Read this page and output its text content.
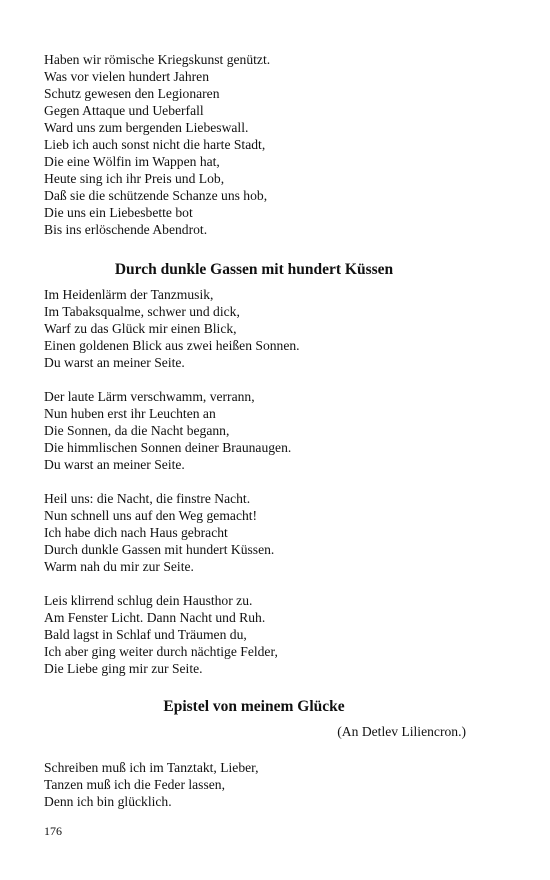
Haben wir römische Kriegskunst genützt.
Was vor vielen hundert Jahren
Schutz gewesen den Legionaren
Gegen Attaque und Ueberfall
Ward uns zum bergenden Liebeswall.
Lieb ich auch sonst nicht die harte Stadt,
Die eine Wölfin im Wappen hat,
Heute sing ich ihr Preis und Lob,
Daß sie die schützende Schanze uns hob,
Die uns ein Liebesbette bot
Bis ins erlöschende Abendrot.
Durch dunkle Gassen mit hundert Küssen
Im Heidenlärm der Tanzmusik,
Im Tabaksqualme, schwer und dick,
Warf zu das Glück mir einen Blick,
Einen goldenen Blick aus zwei heißen Sonnen.
Du warst an meiner Seite.
Der laute Lärm verschwamm, verrann,
Nun huben erst ihr Leuchten an
Die Sonnen, da die Nacht begann,
Die himmlischen Sonnen deiner Braunaugen.
Du warst an meiner Seite.
Heil uns: die Nacht, die finstre Nacht.
Nun schnell uns auf den Weg gemacht!
Ich habe dich nach Haus gebracht
Durch dunkle Gassen mit hundert Küssen.
Warm nah du mir zur Seite.
Leis klirrend schlug dein Hausthor zu.
Am Fenster Licht. Dann Nacht und Ruh.
Bald lagst in Schlaf und Träumen du,
Ich aber ging weiter durch nächtige Felder,
Die Liebe ging mir zur Seite.
Epistel von meinem Glücke
(An Detlev Liliencron.)
Schreiben muß ich im Tanztakt, Lieber,
Tanzen muß ich die Feder lassen,
Denn ich bin glücklich.
176
